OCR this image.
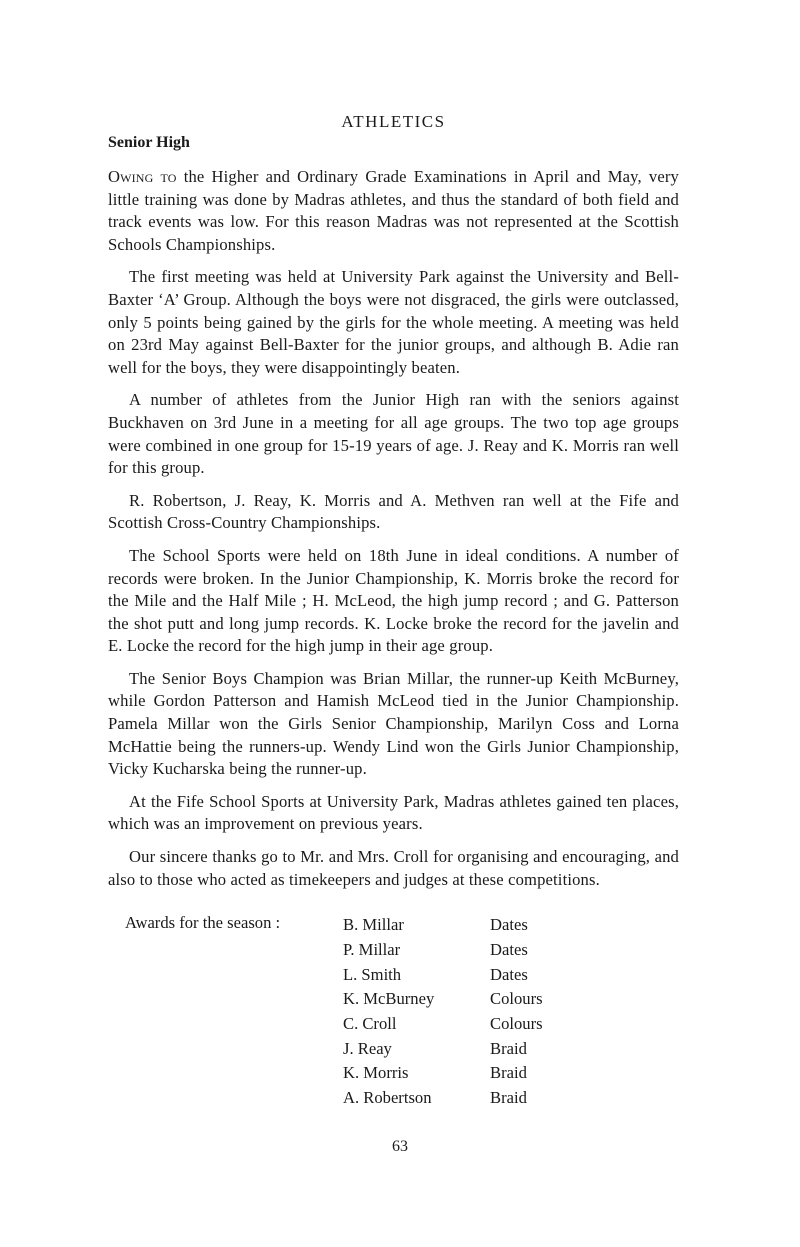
ATHLETICS
Senior High

Owing to the Higher and Ordinary Grade Examinations in April and May, very little training was done by Madras athletes, and thus the standard of both field and track events was low. For this reason Madras was not represented at the Scottish Schools Championships.

The first meeting was held at University Park against the University and Bell-Baxter ‘A’ Group. Although the boys were not disgraced, the girls were outclassed, only 5 points being gained by the girls for the whole meeting. A meeting was held on 23rd May against Bell-Baxter for the junior groups, and although B. Adie ran well for the boys, they were disappointingly beaten.

A number of athletes from the Junior High ran with the seniors against Buckhaven on 3rd June in a meeting for all age groups. The two top age groups were combined in one group for 15-19 years of age. J. Reay and K. Morris ran well for this group.

R. Robertson, J. Reay, K. Morris and A. Methven ran well at the Fife and Scottish Cross-Country Championships.

The School Sports were held on 18th June in ideal conditions. A number of records were broken. In the Junior Championship, K. Morris broke the record for the Mile and the Half Mile ; H. McLeod, the high jump record ; and G. Patterson the shot putt and long jump records. K. Locke broke the record for the javelin and E. Locke the record for the high jump in their age group.

The Senior Boys Champion was Brian Millar, the runner-up Keith McBurney, while Gordon Patterson and Hamish McLeod tied in the Junior Championship. Pamela Millar won the Girls Senior Championship, Marilyn Coss and Lorna McHattie being the runners-up. Wendy Lind won the Girls Junior Championship, Vicky Kucharska being the runner-up.

At the Fife School Sports at University Park, Madras athletes gained ten places, which was an improvement on previous years.

Our sincere thanks go to Mr. and Mrs. Croll for organising and encouraging, and also to those who acted as timekeepers and judges at these competitions.

Awards for the season :	B. Millar	Dates
P. Millar	Dates
L. Smith	Dates
K. McBurney	Colours
C. Croll	Colours
J. Reay	Braid
K. Morris	Braid
A. Robertson	Braid
63
